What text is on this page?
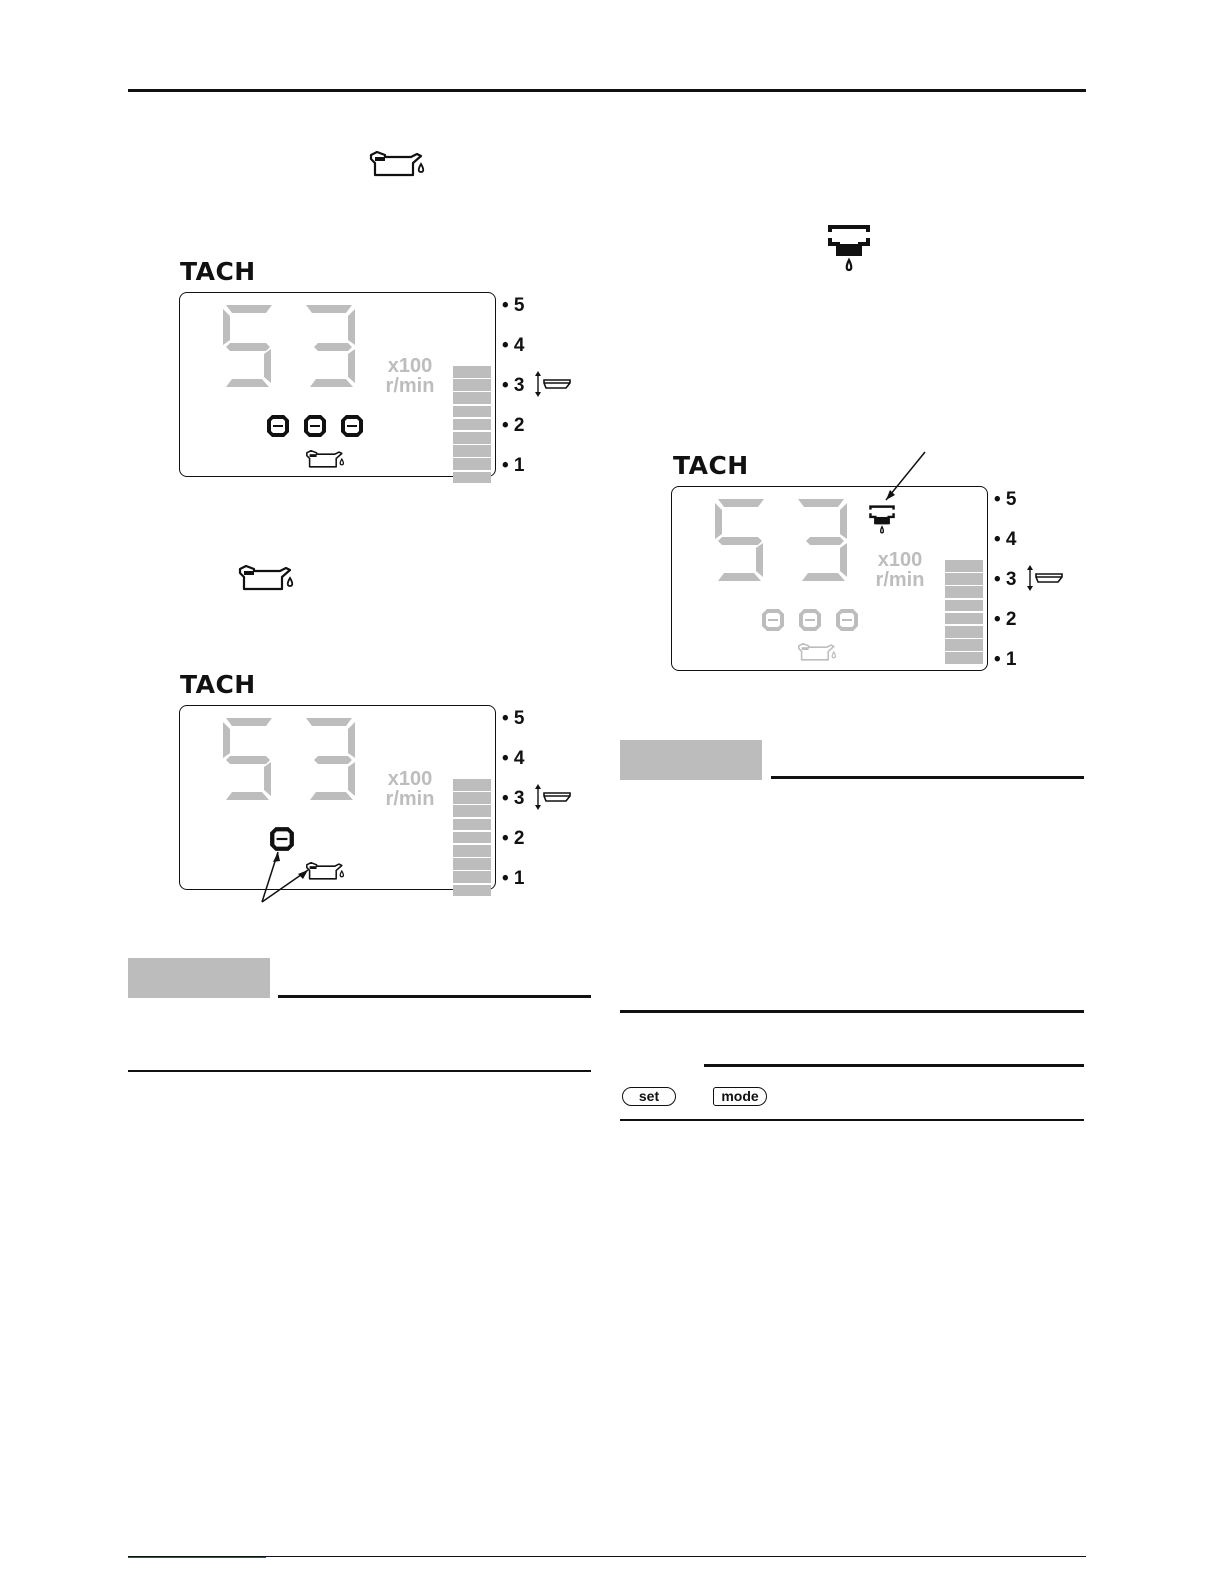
TACH
x100
r/min
• 5
• 4
• 3
• 2
• 1
TACH
x100
r/min
• 5
• 4
• 3
• 2
• 1
TACH
x100
r/min
• 5
• 4
• 3
• 2
• 1
set	mode
